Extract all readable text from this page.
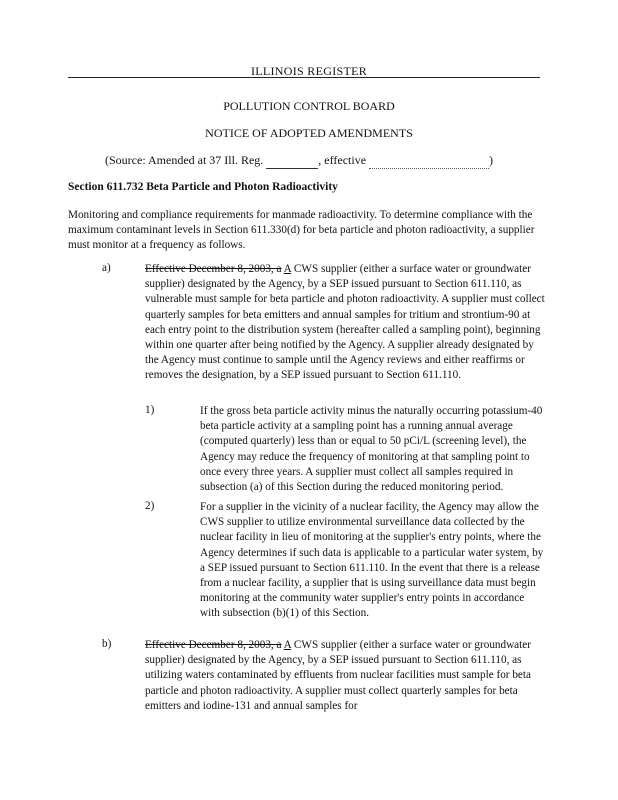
ILLINOIS REGISTER
POLLUTION CONTROL BOARD
NOTICE OF ADOPTED AMENDMENTS
(Source: Amended at 37 Ill. Reg.	, effective	)
Section 611.732 Beta Particle and Photon Radioactivity
Monitoring and compliance requirements for manmade radioactivity. To determine compliance with the maximum contaminant levels in Section 611.330(d) for beta particle and photon radioactivity, a supplier must monitor at a frequency as follows.
a)	Effective December 8, 2003, a A CWS supplier (either a surface water or groundwater supplier) designated by the Agency, by a SEP issued pursuant to Section 611.110, as vulnerable must sample for beta particle and photon radioactivity. A supplier must collect quarterly samples for beta emitters and annual samples for tritium and strontium-90 at each entry point to the distribution system (hereafter called a sampling point), beginning within one quarter after being notified by the Agency. A supplier already designated by the Agency must continue to sample until the Agency reviews and either reaffirms or removes the designation, by a SEP issued pursuant to Section 611.110.
1)	If the gross beta particle activity minus the naturally occurring potassium-40 beta particle activity at a sampling point has a running annual average (computed quarterly) less than or equal to 50 pCi/L (screening level), the Agency may reduce the frequency of monitoring at that sampling point to once every three years. A supplier must collect all samples required in subsection (a) of this Section during the reduced monitoring period.
2)	For a supplier in the vicinity of a nuclear facility, the Agency may allow the CWS supplier to utilize environmental surveillance data collected by the nuclear facility in lieu of monitoring at the supplier's entry points, where the Agency determines if such data is applicable to a particular water system, by a SEP issued pursuant to Section 611.110. In the event that there is a release from a nuclear facility, a supplier that is using surveillance data must begin monitoring at the community water supplier's entry points in accordance with subsection (b)(1) of this Section.
b)	Effective December 8, 2003, a A CWS supplier (either a surface water or groundwater supplier) designated by the Agency, by a SEP issued pursuant to Section 611.110, as utilizing waters contaminated by effluents from nuclear facilities must sample for beta particle and photon radioactivity. A supplier must collect quarterly samples for beta emitters and iodine-131 and annual samples for
